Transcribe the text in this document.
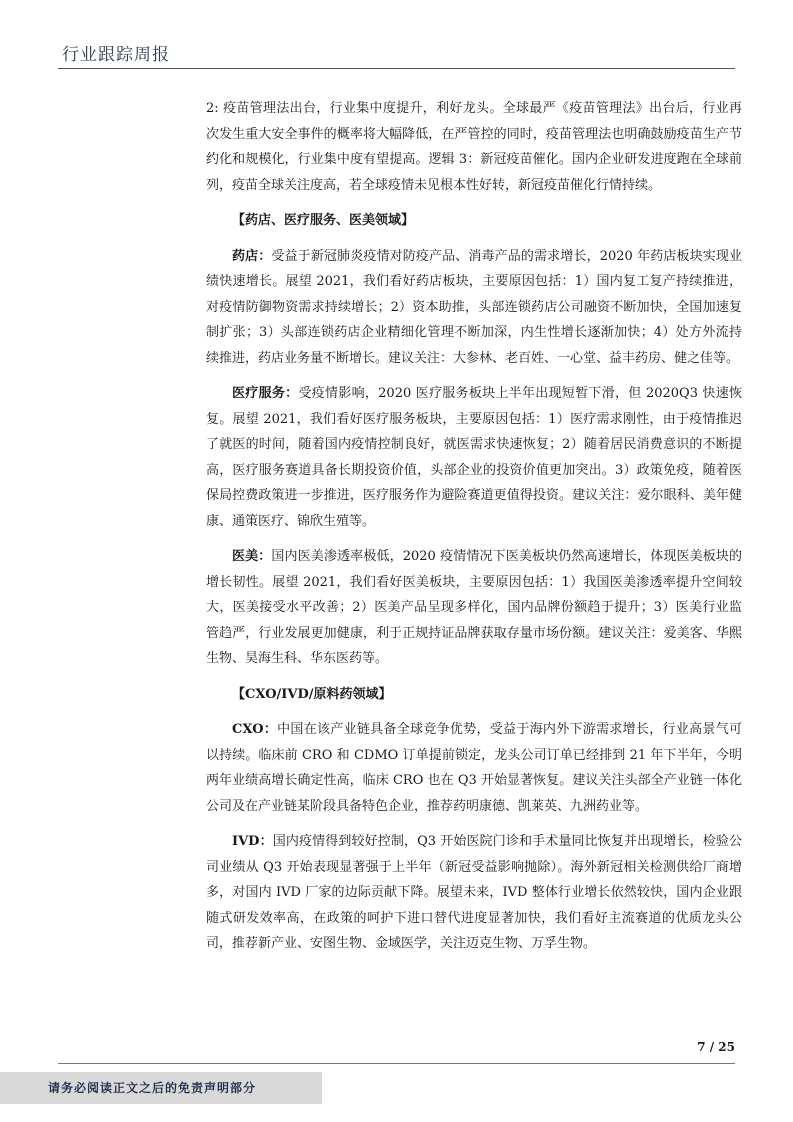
行业跟踪周报

2: 疫苗管理法出台，行业集中度提升，利好龙头。全球最严《疫苗管理法》出台后，行业再次发生重大安全事件的概率将大幅降低，在严管控的同时，疫苗管理法也明确鼓励疫苗生产节约化和规模化，行业集中度有望提高。逻辑 3：新冠疫苗催化。国内企业研发进度跑在全球前列，疫苗全球关注度高，若全球疫情未见根本性好转，新冠疫苗催化行情持续。

【药店、医疗服务、医美领域】

药店：受益于新冠肺炎疫情对防疫产品、消毒产品的需求增长，2020 年药店板块实现业绩快速增长。展望 2021，我们看好药店板块，主要原因包括：1）国内复工复产持续推进，对疫情防御物资需求持续增长；2）资本助推，头部连锁药店公司融资不断加快，全国加速复制扩张；3）头部连锁药店企业精细化管理不断加深，内生性增长逐渐加快；4）处方外流持续推进，药店业务量不断增长。建议关注：大参林、老百姓、一心堂、益丰药房、健之佳等。

医疗服务：受疫情影响，2020 医疗服务板块上半年出现短暂下滑，但 2020Q3 快速恢复。展望 2021，我们看好医疗服务板块，主要原因包括：1）医疗需求刚性，由于疫情推迟了就医的时间，随着国内疫情控制良好，就医需求快速恢复；2）随着居民消费意识的不断提高，医疗服务赛道具备长期投资价值，头部企业的投资价值更加突出。3）政策免疫，随着医保局控费政策进一步推进，医疗服务作为避险赛道更值得投资。建议关注：爱尔眼科、美年健康、通策医疗、锦欣生殖等。

医美：国内医美渗透率极低，2020 疫情情况下医美板块仍然高速增长，体现医美板块的增长韧性。展望 2021，我们看好医美板块，主要原因包括：1）我国医美渗透率提升空间较大，医美接受水平改善；2）医美产品呈现多样化，国内品牌份额趋于提升；3）医美行业监管趋严，行业发展更加健康，利于正规持证品牌获取存量市场份额。建议关注：爱美客、华熙生物、昊海生科、华东医药等。

【CXO/IVD/原料药领域】

CXO：中国在该产业链具备全球竞争优势，受益于海内外下游需求增长，行业高景气可以持续。临床前 CRO 和 CDMO 订单提前锁定，龙头公司订单已经排到 21 年下半年，今明两年业绩高增长确定性高，临床 CRO 也在 Q3 开始显著恢复。建议关注头部全产业链一体化公司及在产业链某阶段具备特色企业，推荐药明康德、凯莱英、九洲药业等。

IVD：国内疫情得到较好控制，Q3 开始医院门诊和手术量同比恢复并出现增长，检验公司业绩从 Q3 开始表现显著强于上半年（新冠受益影响抛除）。海外新冠相关检测供给厂商增多，对国内 IVD 厂家的边际贡献下降。展望未来，IVD 整体行业增长依然较快，国内企业跟随式研发效率高，在政策的呵护下进口替代进度显著加快，我们看好主流赛道的优质龙头公司，推荐新产业、安图生物、金域医学，关注迈克生物、万孚生物。

7 / 25
请务必阅读正文之后的免责声明部分
